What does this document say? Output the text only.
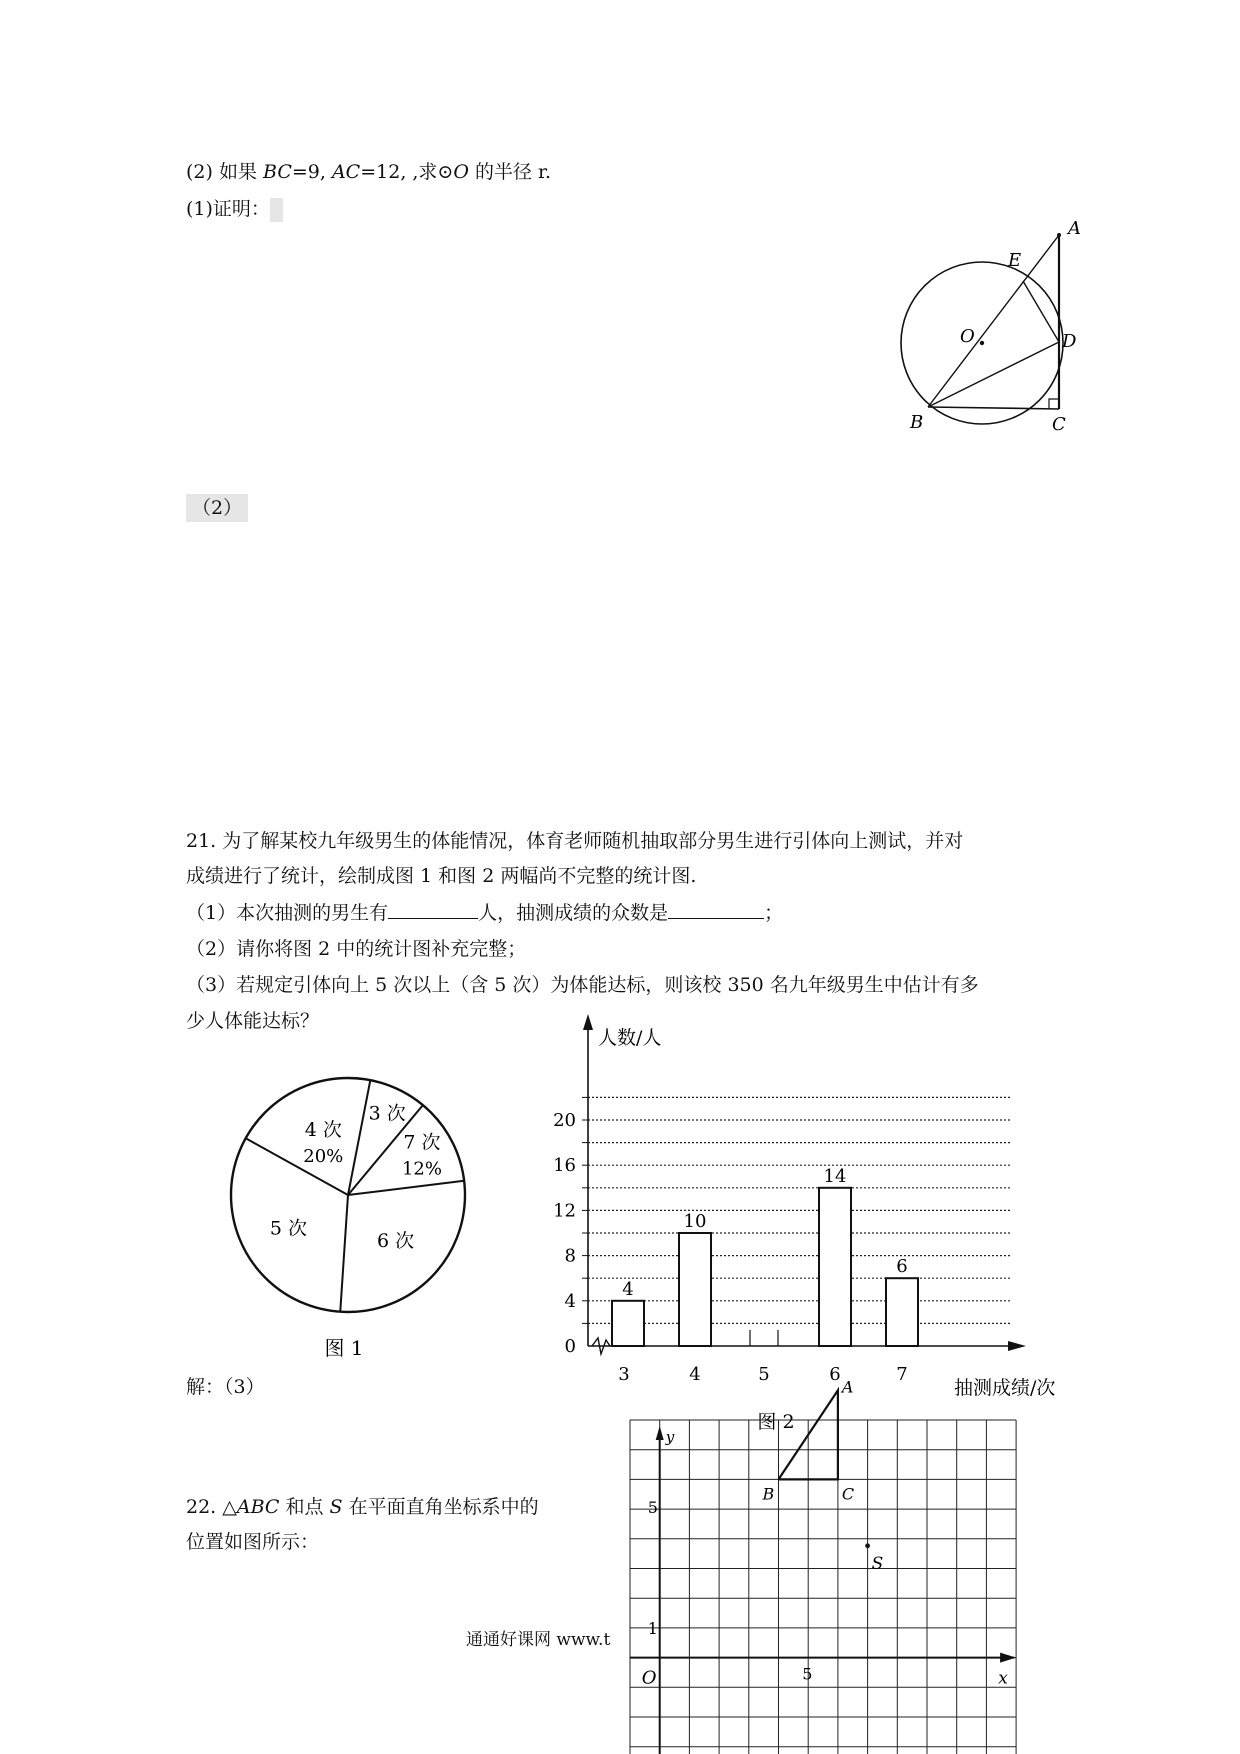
(2) 如果 BC=9, AC=12, ,求⊙O 的半径 r.
(1)证明：
A
E
O	D
B	C
（2）
21. 为了解某校九年级男生的体能情况，体育老师随机抽取部分男生进行引体向上测试，并对
成绩进行了统计，绘制成图 1 和图 2 两幅尚不完整的统计图.
（1）本次抽测的男生有	人，抽测成绩的众数是	；
（2）请你将图 2 中的统计图补充完整；
（3）若规定引体向上 5 次以上（含 5 次）为体能达标，则该校 350 名九年级男生中估计有多
少人体能达标？
4 次
20%
3 次
7 次
12%
6 次
5 次
图 1	0
4
8
12
16
20
人数/人
4
3
10
4	5
14
6
6
7
抽测成绩/次
图 2
解：（3）
22. △ABC 和点 S 在平面直角坐标系中的
位置如图所示：
通通好课网 www.t
y
x
O	5
5
1
A
B	C
S
